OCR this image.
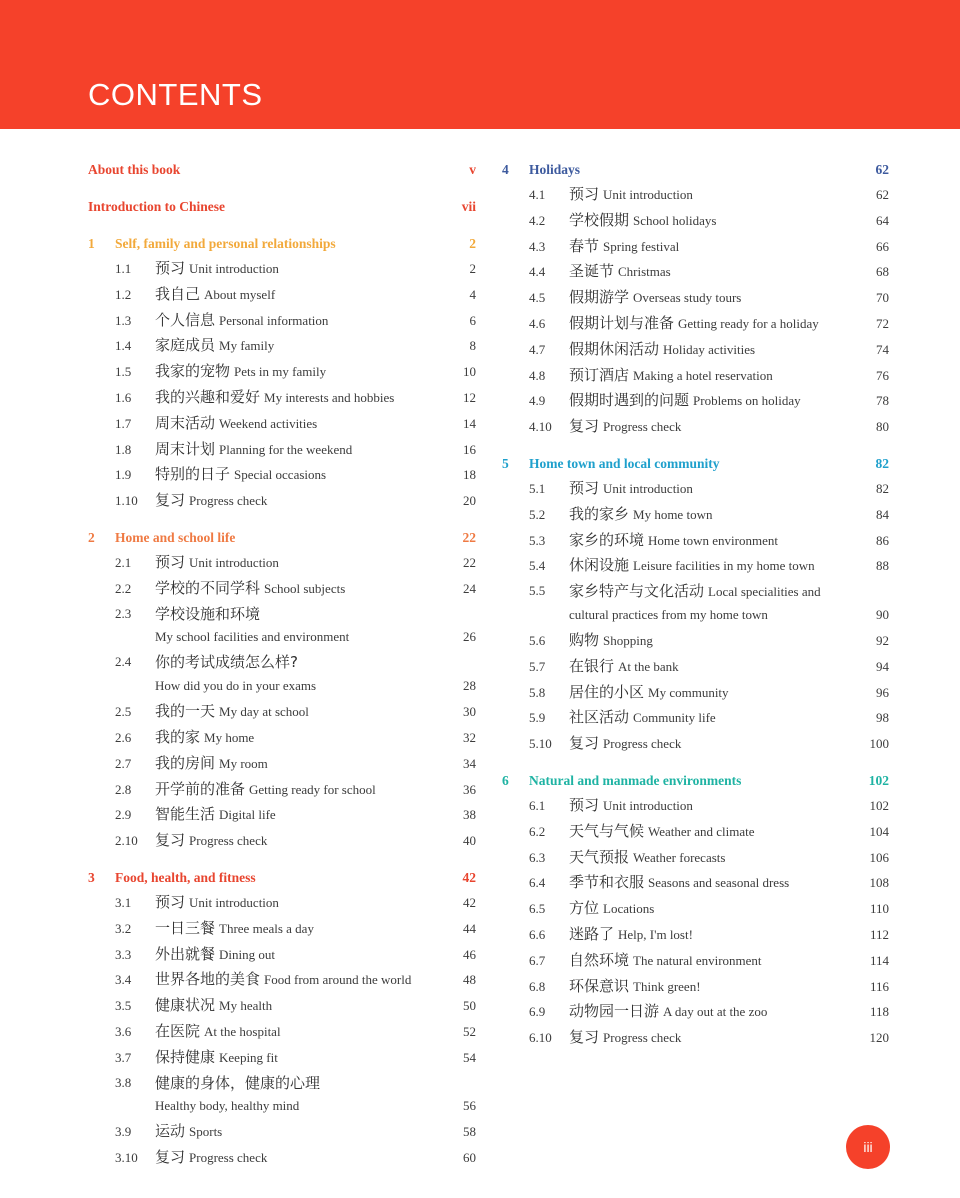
CONTENTS
About this book	v
Introduction to Chinese	vii
1	Self, family and personal relationships	2
1.1	预习 Unit introduction	2
1.2	我自己 About myself	4
1.3	个人信息 Personal information	6
1.4	家庭成员 My family	8
1.5	我家的宠物 Pets in my family	10
1.6	我的兴趣和爱好 My interests and hobbies	12
1.7	周末活动 Weekend activities	14
1.8	周末计划 Planning for the weekend	16
1.9	特别的日子 Special occasions	18
1.10	复习 Progress check	20
2	Home and school life	22
2.1	预习 Unit introduction	22
2.2	学校的不同学科 School subjects	24
2.3	学校设施和环境
My school facilities and environment	26
2.4	你的考试成绩怎么样?
How did you do in your exams	28
2.5	我的一天 My day at school	30
2.6	我的家 My home	32
2.7	我的房间 My room	34
2.8	开学前的准备 Getting ready for school	36
2.9	智能生活 Digital life	38
2.10	复习 Progress check	40
3	Food, health, and fitness	42
3.1	预习 Unit introduction	42
3.2	一日三餐 Three meals a day	44
3.3	外出就餐 Dining out	46
3.4	世界各地的美食 Food from around the world	48
3.5	健康状况 My health	50
3.6	在医院 At the hospital	52
3.7	保持健康 Keeping fit	54
3.8	健康的身体，健康的心理
Healthy body, healthy mind	56
3.9	运动 Sports	58
3.10	复习 Progress check	60
4	Holidays	62
4.1	预习 Unit introduction	62
4.2	学校假期 School holidays	64
4.3	春节 Spring festival	66
4.4	圣诞节 Christmas	68
4.5	假期游学 Overseas study tours	70
4.6	假期计划与准备 Getting ready for a holiday	72
4.7	假期休闲活动 Holiday activities	74
4.8	预订酒店 Making a hotel reservation	76
4.9	假期时遇到的问题 Problems on holiday	78
4.10	复习 Progress check	80
5	Home town and local community	82
5.1	预习 Unit introduction	82
5.2	我的家乡 My home town	84
5.3	家乡的环境 Home town environment	86
5.4	休闲设施 Leisure facilities in my home town	88
5.5	家乡特产与文化活动 Local specialities and
cultural practices from my home town	90
5.6	购物 Shopping	92
5.7	在银行 At the bank	94
5.8	居住的小区 My community	96
5.9	社区活动 Community life	98
5.10	复习 Progress check	100
6	Natural and manmade environments	102
6.1	预习 Unit introduction	102
6.2	天气与气候 Weather and climate	104
6.3	天气预报 Weather forecasts	106
6.4	季节和衣服 Seasons and seasonal dress	108
6.5	方位 Locations	110
6.6	迷路了 Help, I'm lost!	112
6.7	自然环境 The natural environment	114
6.8	环保意识 Think green!	116
6.9	动物园一日游 A day out at the zoo	118
6.10	复习 Progress check	120
iii
